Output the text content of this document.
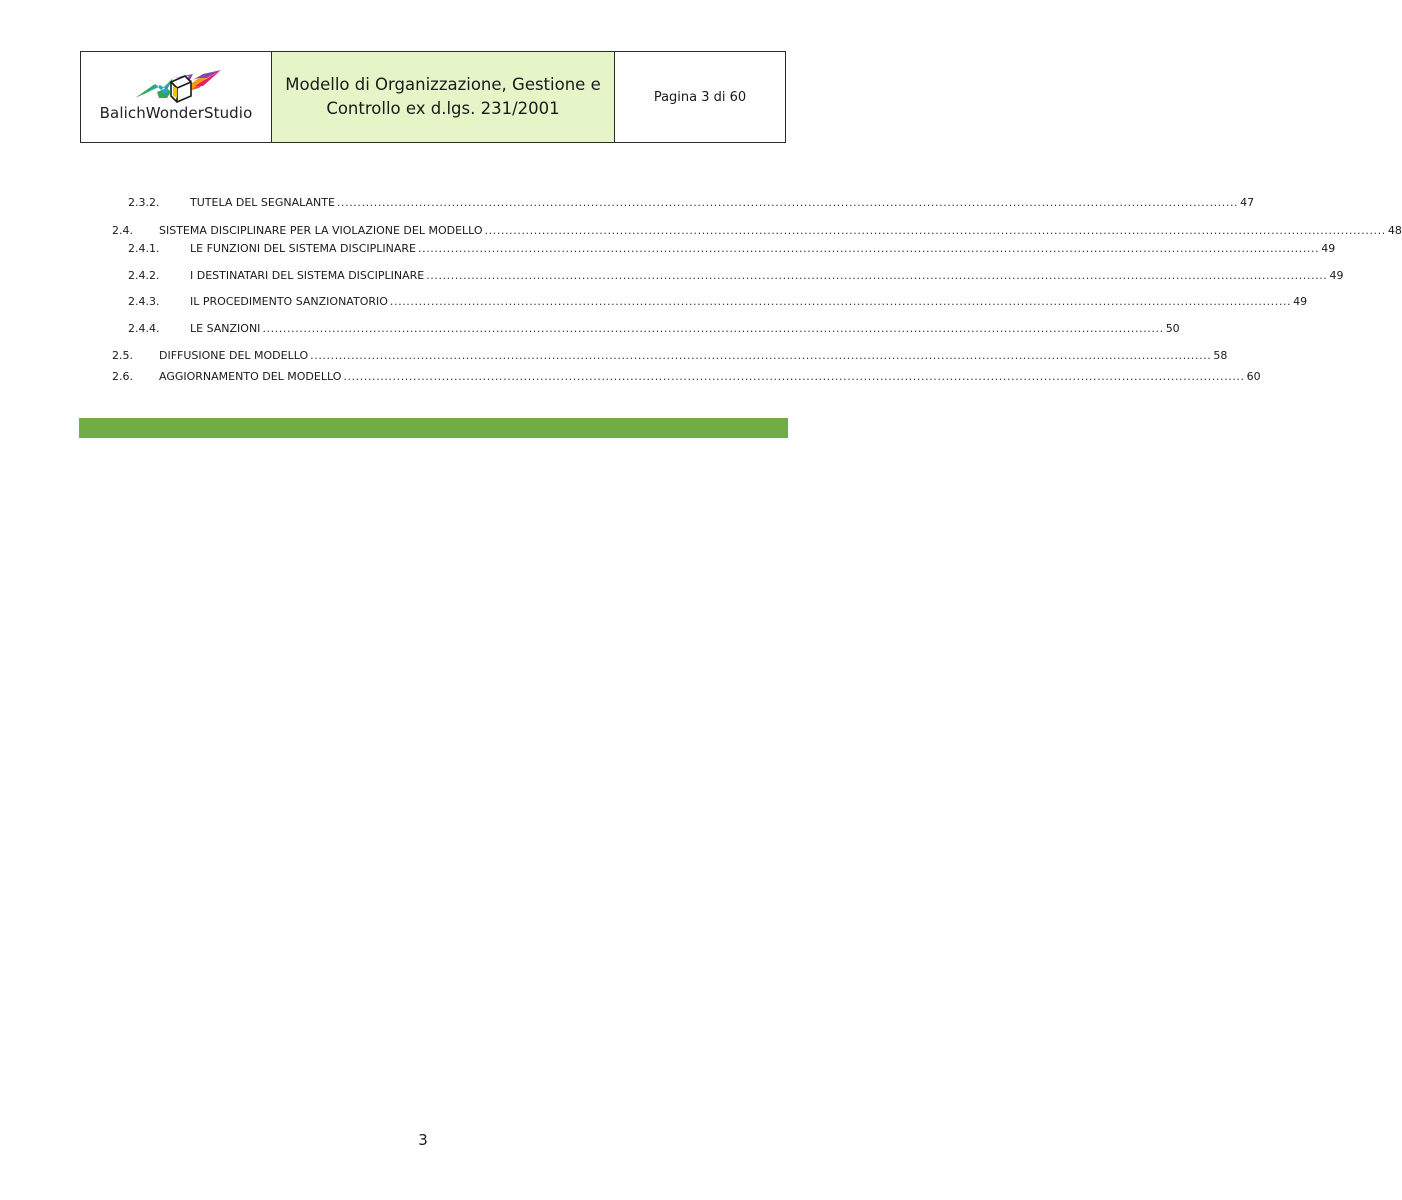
BalichWonderStudio
Modello di Organizzazione, Gestione e
Controllo ex d.lgs. 231/2001
Pagina 3 di 60
2.3.2.	TUTELA DEL SEGNALANTE ............................................................................................................................................................................................................................ 47
2.4. SISTEMA DISCIPLINARE PER LA VIOLAZIONE DEL MODELLO ............................................................................................................................................................................................................................ 48
2.4.1.	LE FUNZIONI DEL SISTEMA DISCIPLINARE ............................................................................................................................................................................................................................ 49
2.4.2.	I DESTINATARI DEL SISTEMA DISCIPLINARE ............................................................................................................................................................................................................................ 49
2.4.3.	IL PROCEDIMENTO SANZIONATORIO ............................................................................................................................................................................................................................ 49
2.4.4.	LE SANZIONI ............................................................................................................................................................................................................................ 50
2.5. DIFFUSIONE DEL MODELLO ............................................................................................................................................................................................................................ 58
2.6. AGGIORNAMENTO DEL MODELLO ............................................................................................................................................................................................................................ 60
3
